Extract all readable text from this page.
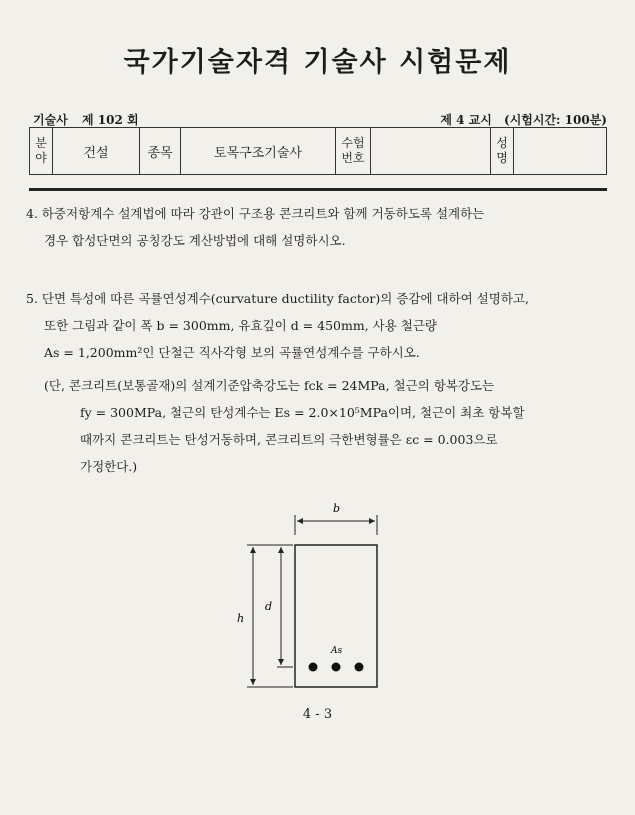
국가기술자격 기술사 시험문제
기술사 제 102 회	제 4 교시 (시험시간: 100분)
분야	건설	종목	토목구조기술사	수험번호		성명	
4. 하중저항계수 설계법에 따라 강관이 구조용 콘크리트와 함께 거동하도록 설계하는
경우 합성단면의 공칭강도 계산방법에 대해 설명하시오.
5. 단면 특성에 따른 곡률연성계수(curvature ductility factor)의 증감에 대하여 설명하고,
또한 그림과 같이 폭 b = 300mm, 유효깊이 d = 450mm, 사용 철근량
As = 1,200mm²인 단철근 직사각형 보의 곡률연성계수를 구하시오.
(단, 콘크리트(보통골재)의 설계기준압축강도는 fck = 24MPa, 철근의 항복강도는
fy = 300MPa, 철근의 탄성계수는 Es = 2.0×10⁵MPa이며, 철근이 최초 항복할
때까지 콘크리트는 탄성거동하며, 콘크리트의 극한변형률은 εc = 0.003으로
가정한다.)
b
h
d
As
4 - 3
